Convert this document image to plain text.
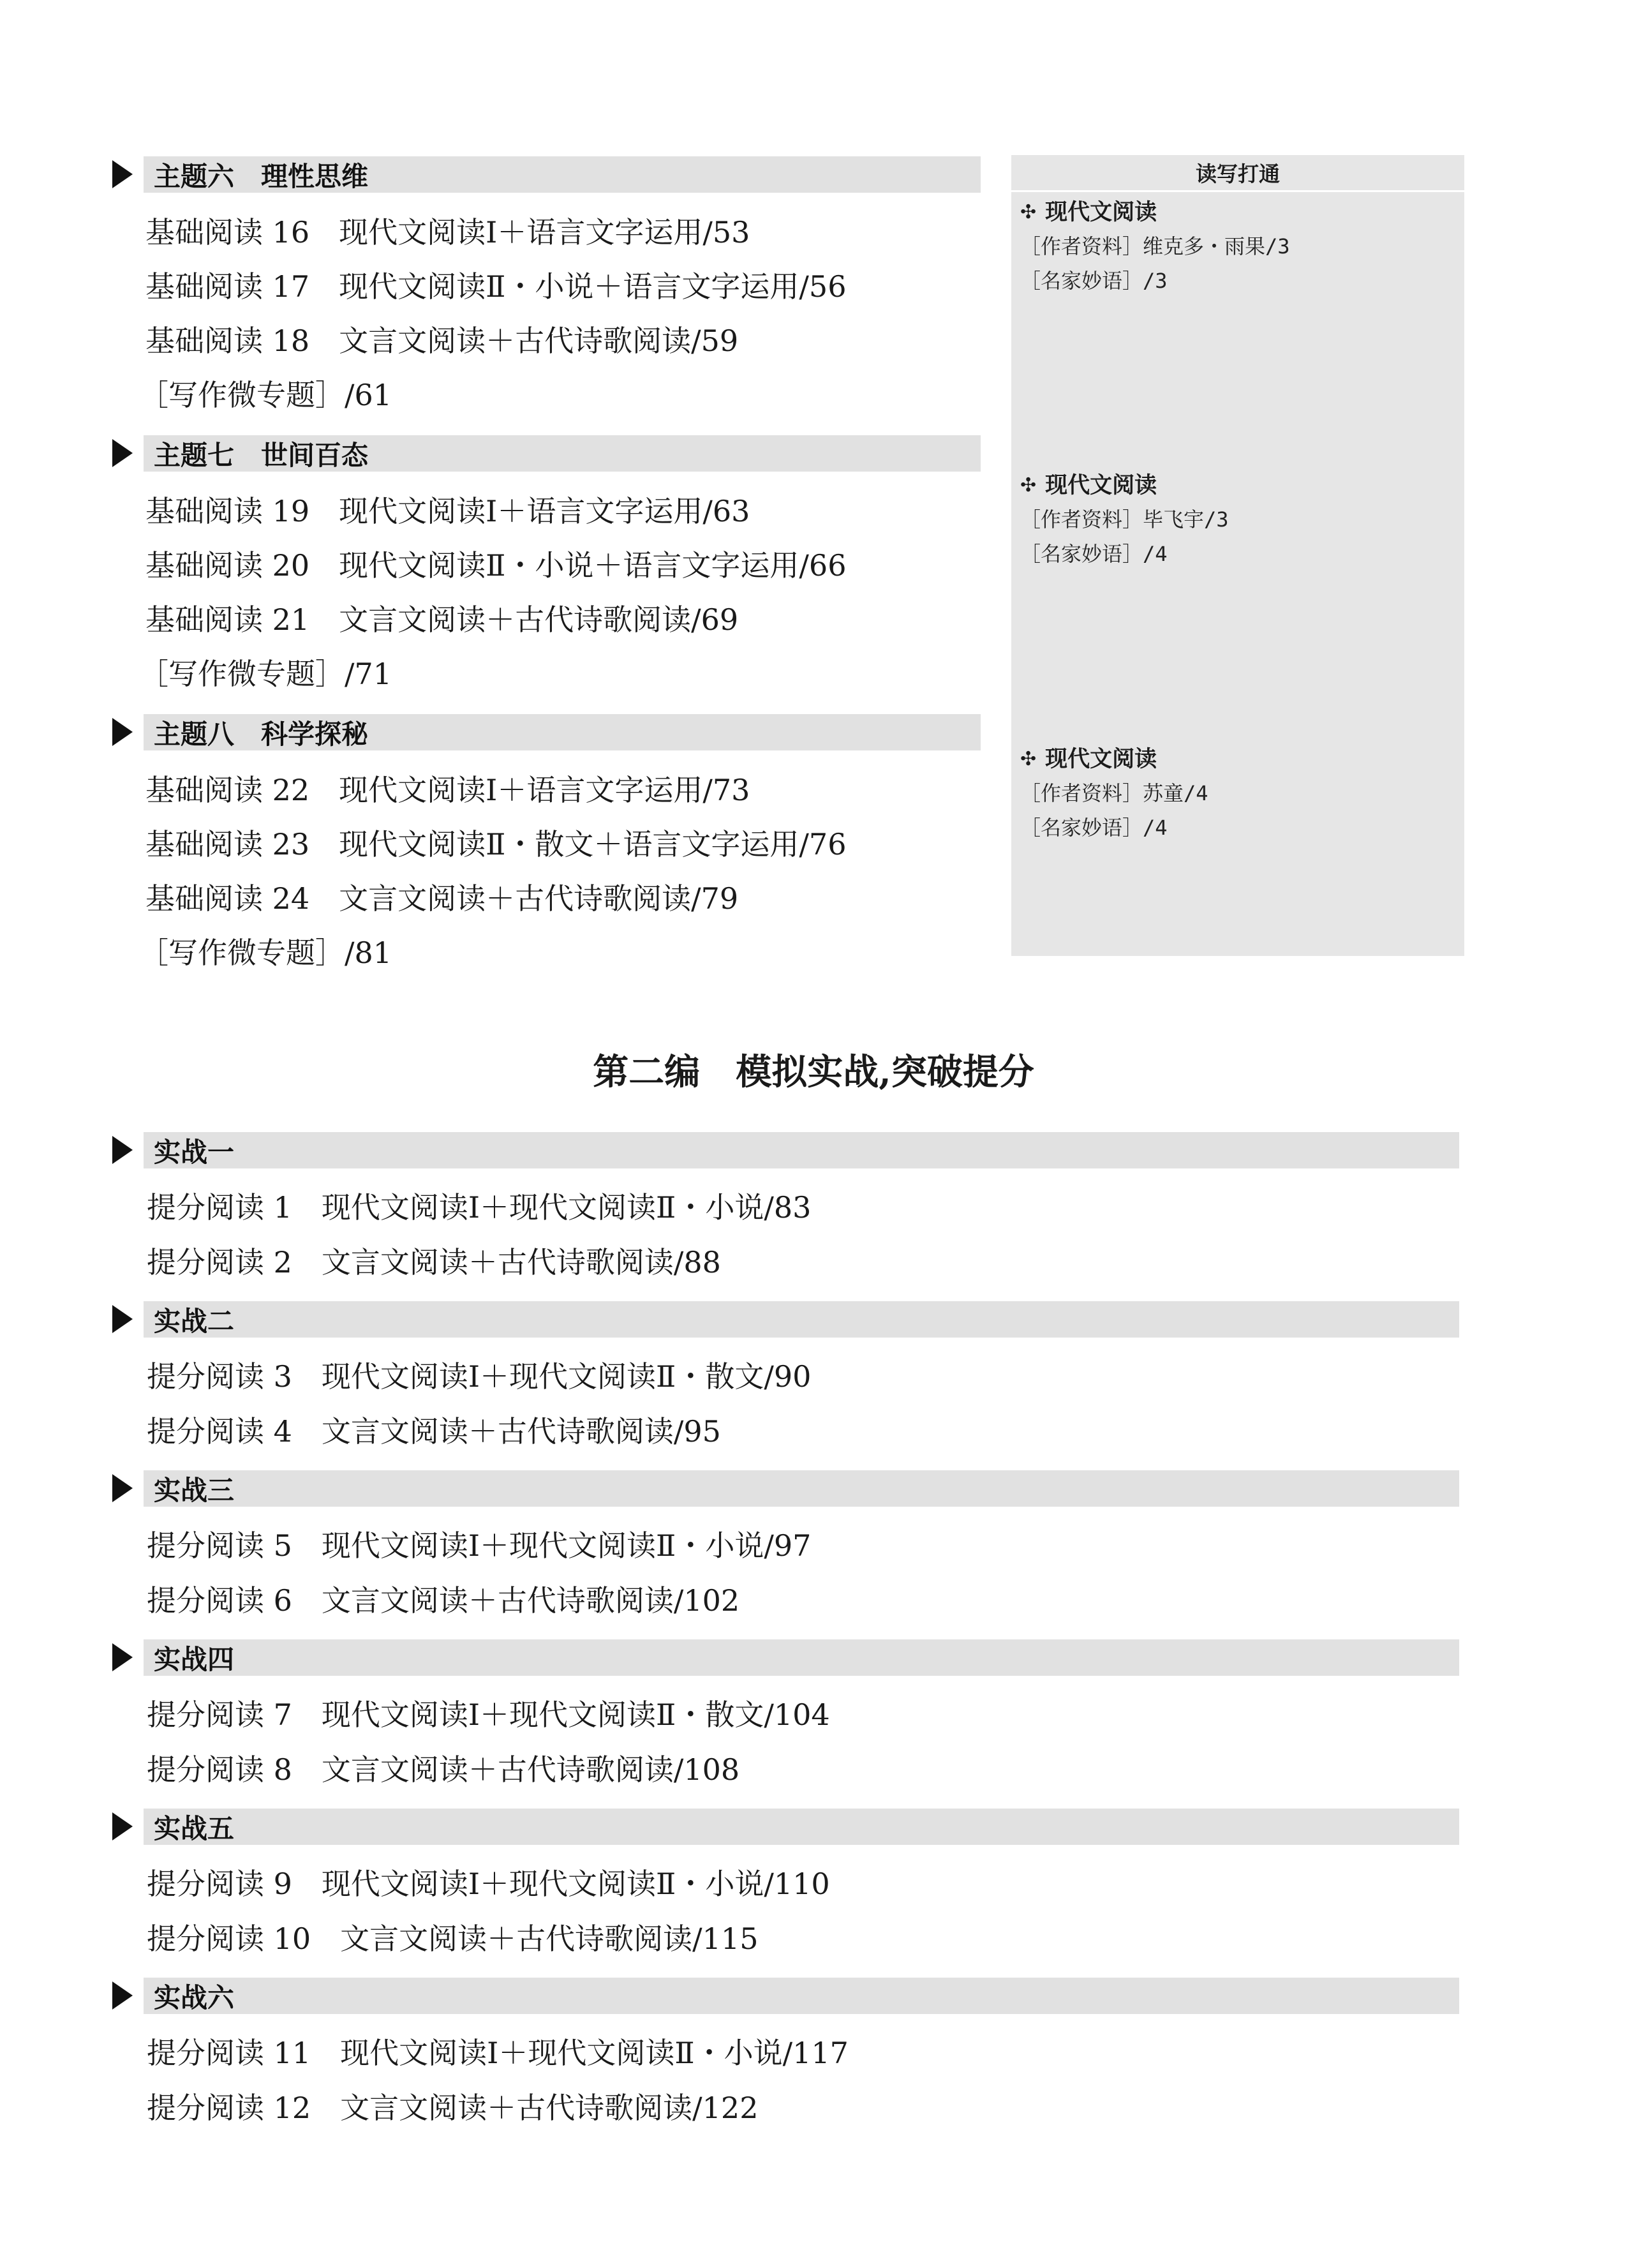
主题六　理性思维
基础阅读 16　 现代文阅读Ⅰ＋语言文字运用/53
基础阅读 17　 现代文阅读Ⅱ・小说＋语言文字运用/56
基础阅读 18　 文言文阅读＋古代诗歌阅读/59
［写作微专题］/61
主题七　世间百态
基础阅读 19　 现代文阅读Ⅰ＋语言文字运用/63
基础阅读 20　 现代文阅读Ⅱ・小说＋语言文字运用/66
基础阅读 21　 文言文阅读＋古代诗歌阅读/69
［写作微专题］/71
主题八　科学探秘
基础阅读 22　 现代文阅读Ⅰ＋语言文字运用/73
基础阅读 23　 现代文阅读Ⅱ・散文＋语言文字运用/76
基础阅读 24　 文言文阅读＋古代诗歌阅读/79
［写作微专题］/81
读写打通
✣ 现代文阅读
［作者资料］维克多・雨果/3
［名家妙语］/3
✣ 现代文阅读
［作者资料］毕飞宇/3
［名家妙语］/4
✣ 现代文阅读
［作者资料］苏童/4
［名家妙语］/4
第二编　模拟实战,突破提分
实战一
提分阅读 1　 现代文阅读Ⅰ＋现代文阅读Ⅱ・小说/83
提分阅读 2　 文言文阅读＋古代诗歌阅读/88
实战二
提分阅读 3　 现代文阅读Ⅰ＋现代文阅读Ⅱ・散文/90
提分阅读 4　 文言文阅读＋古代诗歌阅读/95
实战三
提分阅读 5　 现代文阅读Ⅰ＋现代文阅读Ⅱ・小说/97
提分阅读 6　 文言文阅读＋古代诗歌阅读/102
实战四
提分阅读 7　 现代文阅读Ⅰ＋现代文阅读Ⅱ・散文/104
提分阅读 8　 文言文阅读＋古代诗歌阅读/108
实战五
提分阅读 9　 现代文阅读Ⅰ＋现代文阅读Ⅱ・小说/110
提分阅读 10　 文言文阅读＋古代诗歌阅读/115
实战六
提分阅读 11　 现代文阅读Ⅰ＋现代文阅读Ⅱ・小说/117
提分阅读 12　 文言文阅读＋古代诗歌阅读/122
